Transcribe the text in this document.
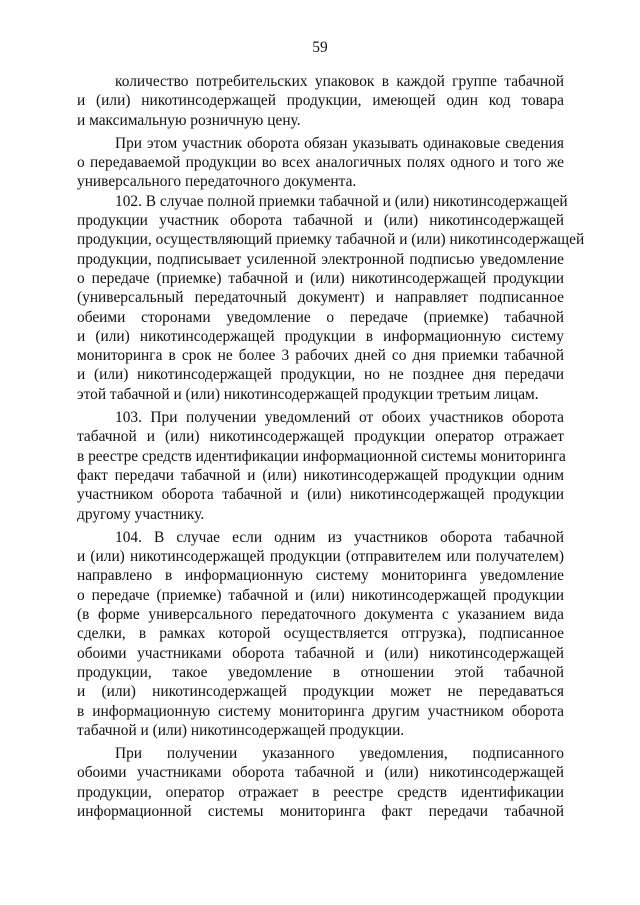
59
количество потребительских упаковок в каждой группе табачной
и (или) никотинсодержащей продукции, имеющей один код товара
и максимальную розничную цену.
При этом участник оборота обязан указывать одинаковые сведения
о передаваемой продукции во всех аналогичных полях одного и того же
универсального передаточного документа.
102. В случае полной приемки табачной и (или) никотинсодержащей
продукции участник оборота табачной и (или) никотинсодержащей
продукции, осуществляющий приемку табачной и (или) никотинсодержащей
продукции, подписывает усиленной электронной подписью уведомление
о передаче (приемке) табачной и (или) никотинсодержащей продукции
(универсальный передаточный документ) и направляет подписанное
обеими сторонами уведомление о передаче (приемке) табачной
и (или) никотинсодержащей продукции в информационную систему
мониторинга в срок не более 3 рабочих дней со дня приемки табачной
и (или) никотинсодержащей продукции, но не позднее дня передачи
этой табачной и (или) никотинсодержащей продукции третьим лицам.
103. При получении уведомлений от обоих участников оборота
табачной и (или) никотинсодержащей продукции оператор отражает
в реестре средств идентификации информационной системы мониторинга
факт передачи табачной и (или) никотинсодержащей продукции одним
участником оборота табачной и (или) никотинсодержащей продукции
другому участнику.
104. В случае если одним из участников оборота табачной
и (или) никотинсодержащей продукции (отправителем или получателем)
направлено в информационную систему мониторинга уведомление
о передаче (приемке) табачной и (или) никотинсодержащей продукции
(в форме универсального передаточного документа с указанием вида
сделки, в рамках которой осуществляется отгрузка), подписанное
обоими участниками оборота табачной и (или) никотинсодержащей
продукции, такое уведомление в отношении этой табачной
и (или) никотинсодержащей продукции может не передаваться
в информационную систему мониторинга другим участником оборота
табачной и (или) никотинсодержащей продукции.
При получении указанного уведомления, подписанного
обоими участниками оборота табачной и (или) никотинсодержащей
продукции, оператор отражает в реестре средств идентификации
информационной системы мониторинга факт передачи табачной
